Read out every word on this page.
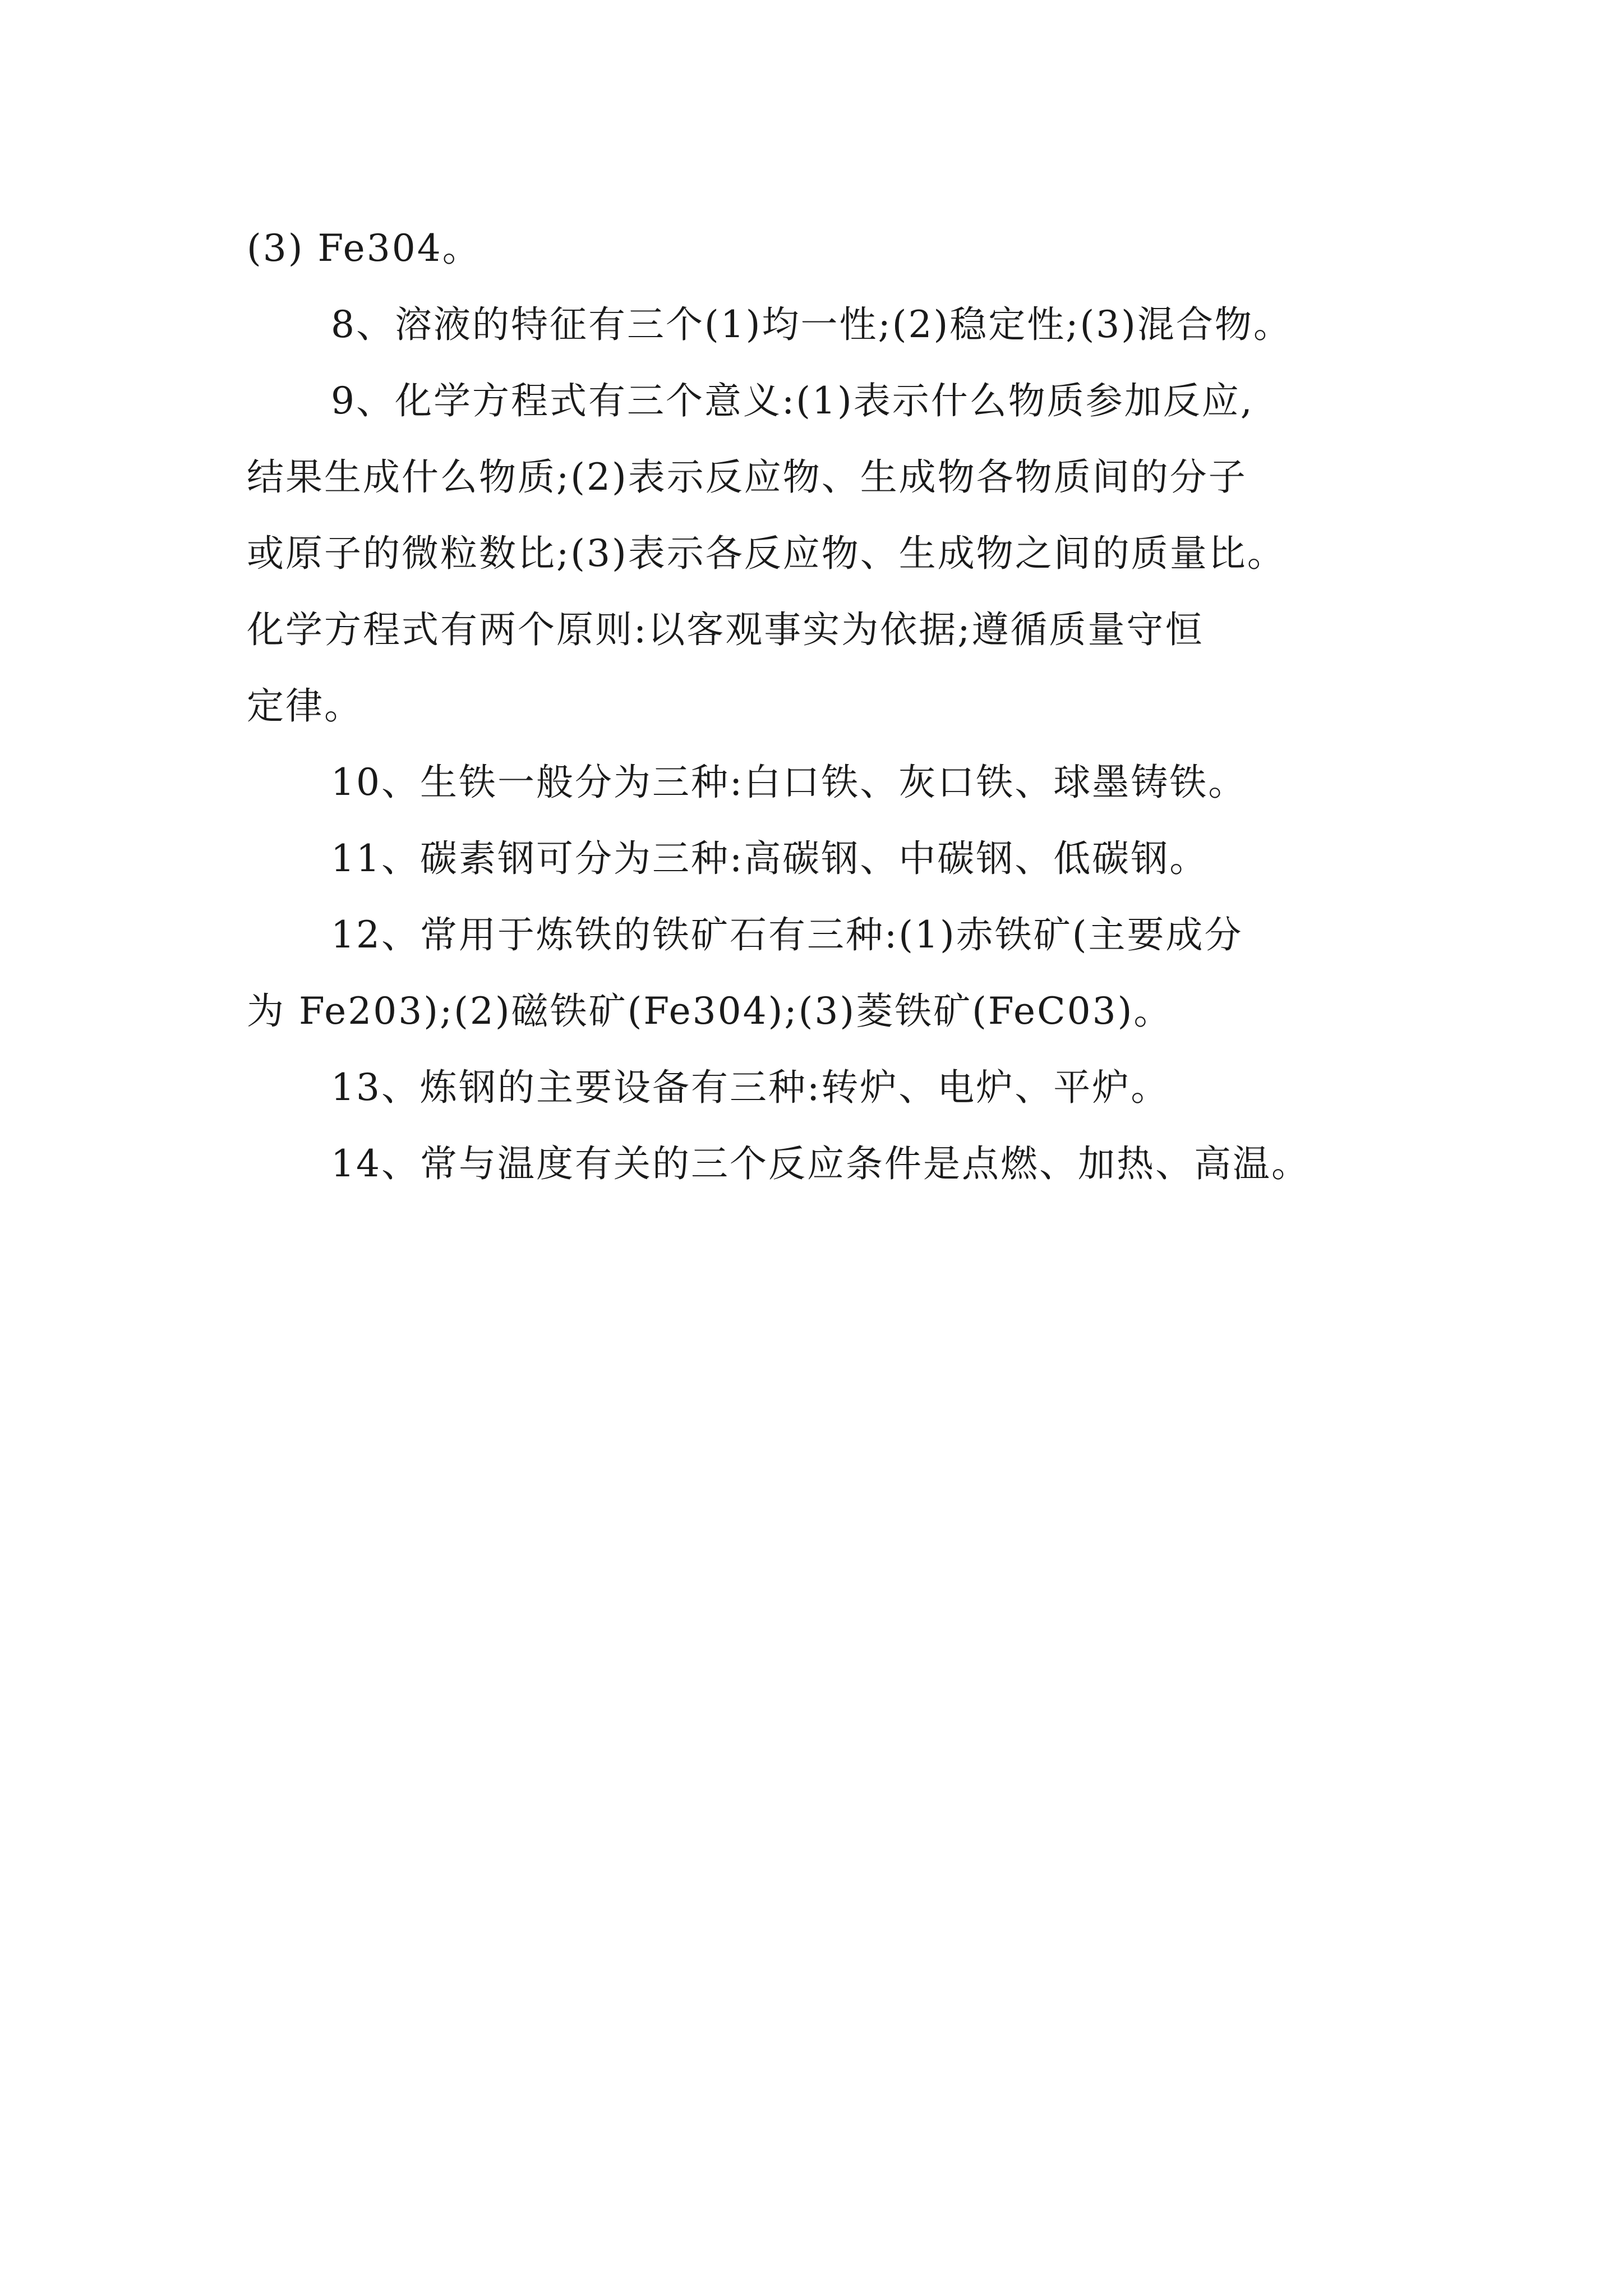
(3) Fe304。
8、溶液的特征有三个(1)均一性;(2)稳定性;(3)混合物。
9、化学方程式有三个意义:(1)表示什么物质参加反应,
结果生成什么物质;(2)表示反应物、生成物各物质间的分子
或原子的微粒数比;(3)表示各反应物、生成物之间的质量比。
化学方程式有两个原则:以客观事实为依据;遵循质量守恒
定律。
10、生铁一般分为三种:白口铁、灰口铁、球墨铸铁。
11、碳素钢可分为三种:高碳钢、中碳钢、低碳钢。
12、常用于炼铁的铁矿石有三种:(1)赤铁矿(主要成分
为 Fe203);(2)磁铁矿(Fe304);(3)菱铁矿(FeC03)。
13、炼钢的主要设备有三种:转炉、电炉、平炉。
14、常与温度有关的三个反应条件是点燃、加热、高温。
